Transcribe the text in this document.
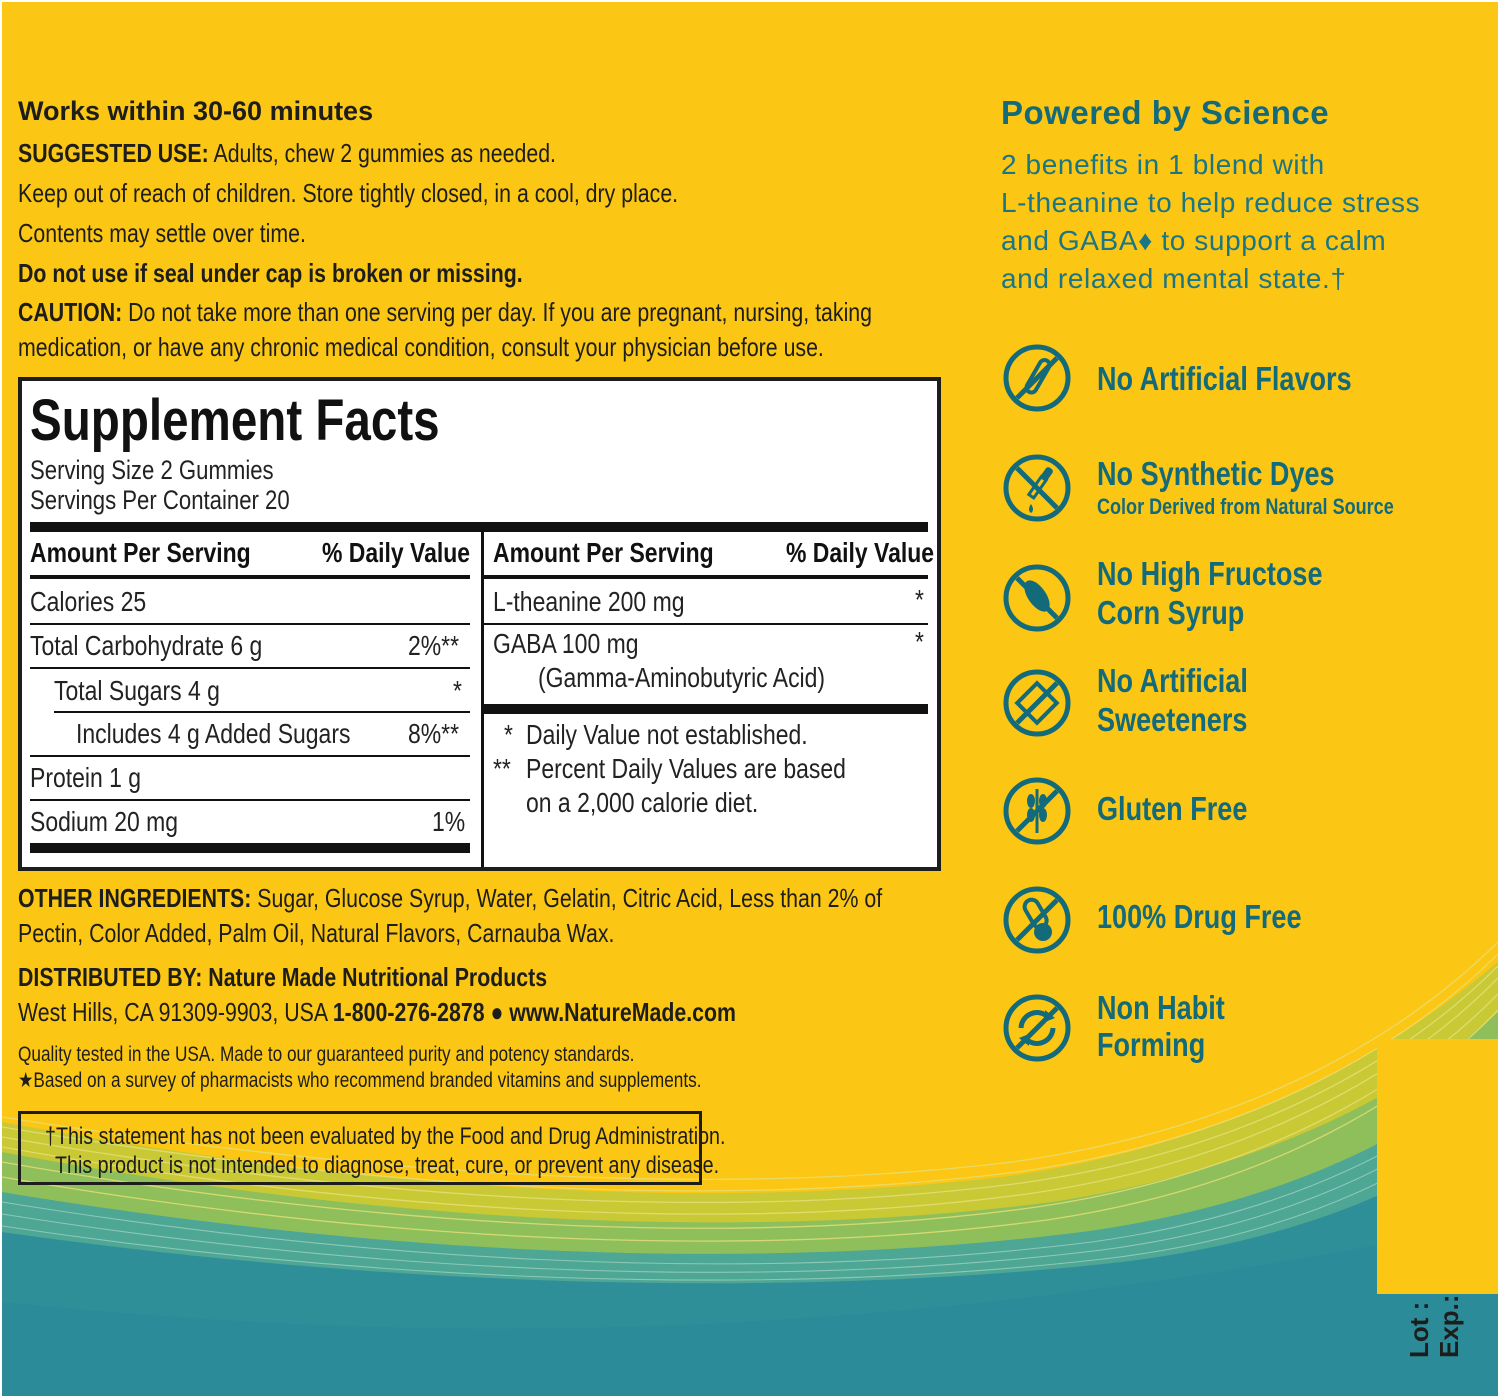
Works within 30-60 minutes
SUGGESTED USE: Adults, chew 2 gummies as needed.
Keep out of reach of children. Store tightly closed, in a cool, dry place.
Contents may settle over time.
Do not use if seal under cap is broken or missing.
CAUTION: Do not take more than one serving per day. If you are pregnant, nursing, taking
medication, or have any chronic medical condition, consult your physician before use.
Supplement Facts
Serving Size 2 Gummies
Servings Per Container 20
Amount Per Serving	% Daily Value Amount Per Serving	% Daily Value
Calories 25
Total Carbohydrate 6 g	2%**
Total Sugars 4 g	*
Includes 4 g Added Sugars	8%**
Protein 1 g
Sodium 20 mg	1%
L-theanine 200 mg	*
GABA 100 mg	*
(Gamma-Aminobutyric Acid)
* Daily Value not established.
** Percent Daily Values are based
on a 2,000 calorie diet.
OTHER INGREDIENTS: Sugar, Glucose Syrup, Water, Gelatin, Citric Acid, Less than 2% of
Pectin, Color Added, Palm Oil, Natural Flavors, Carnauba Wax.
DISTRIBUTED BY: Nature Made Nutritional Products
West Hills, CA 91309-9903, USA 1-800-276-2878 ● www.NatureMade.com
Quality tested in the USA. Made to our guaranteed purity and potency standards.
★Based on a survey of pharmacists who recommend branded vitamins and supplements.
†This statement has not been evaluated by the Food and Drug Administration.
This product is not intended to diagnose, treat, cure, or prevent any disease.
Powered by Science
2 benefits in 1 blend with
L-theanine to help reduce stress
and GABA♦ to support a calm
and relaxed mental state.†
No Artificial Flavors
No Synthetic Dyes
Color Derived from Natural Source
No High Fructose
Corn Syrup
No Artificial
Sweeteners
Gluten Free
100% Drug Free
Non Habit
Forming
Lot : Exp.:
